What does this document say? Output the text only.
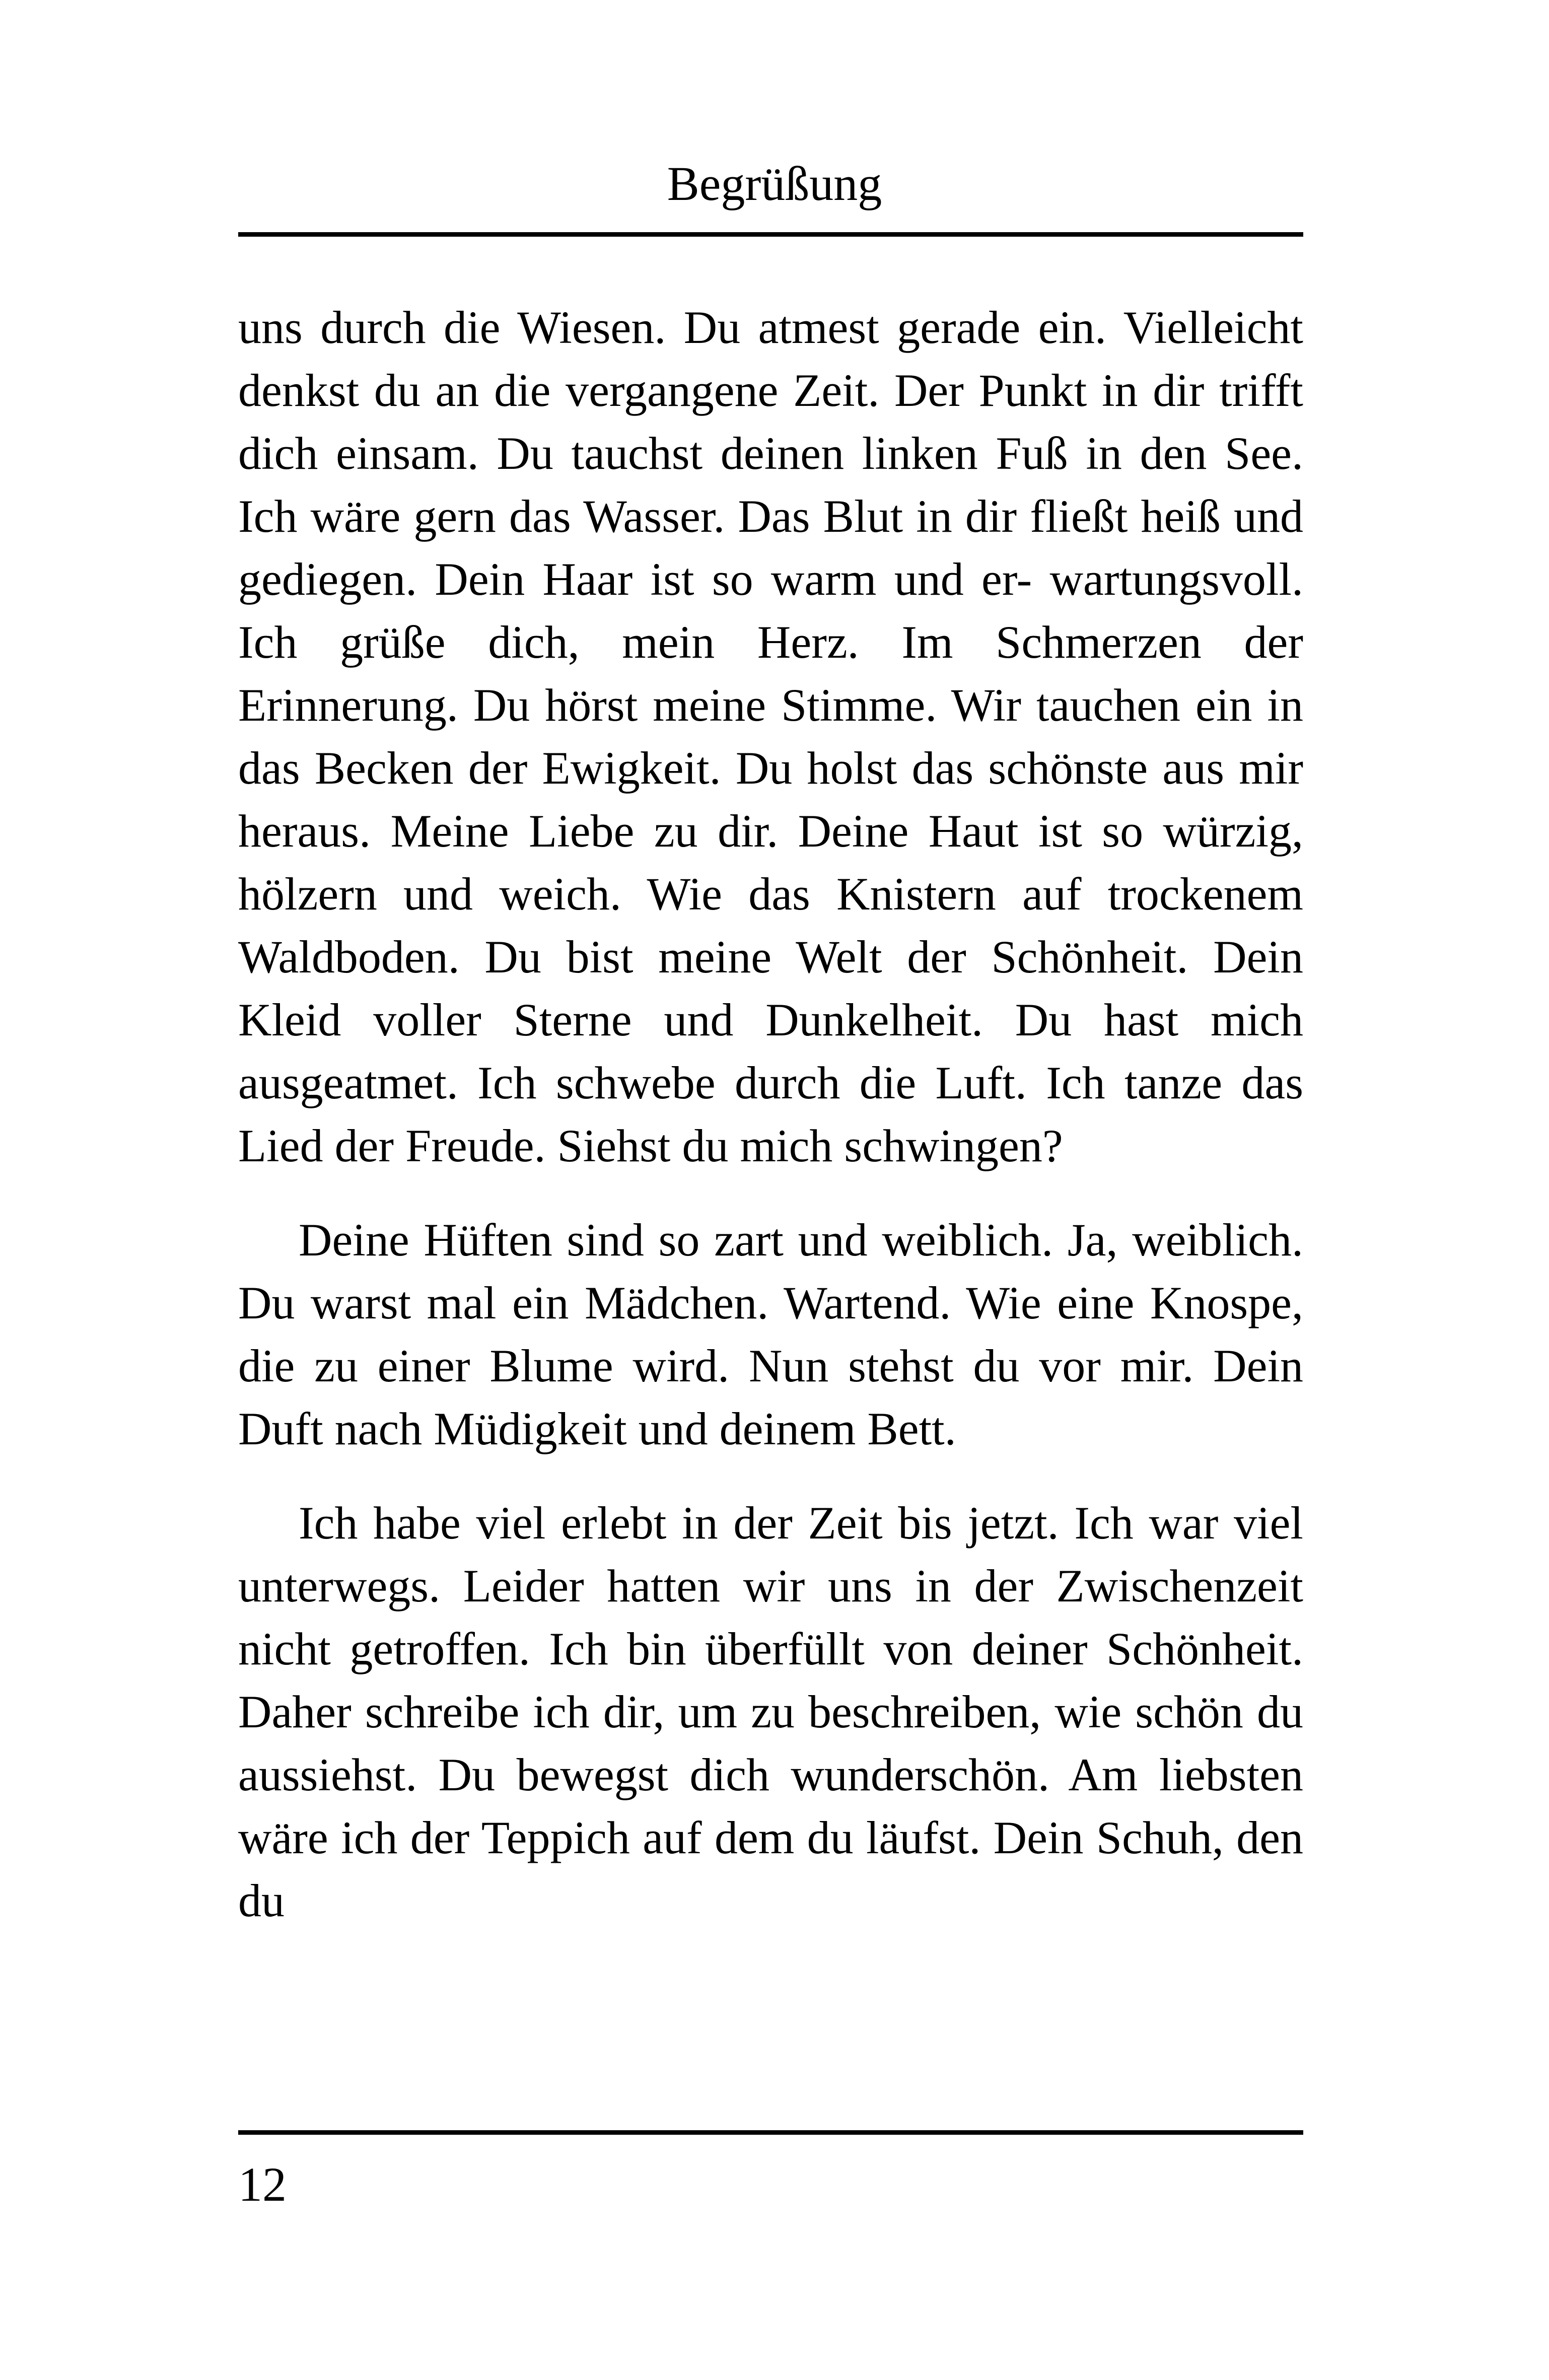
Begrüßung

uns durch die Wiesen. Du atmest gerade ein. Vielleicht denkst du an die vergangene Zeit. Der Punkt in dir trifft dich einsam. Du tauchst deinen linken Fuß in den See. Ich wäre gern das Wasser. Das Blut in dir fließt heiß und gediegen. Dein Haar ist so warm und er- wartungsvoll. Ich grüße dich, mein Herz. Im Schmerzen der Erinnerung. Du hörst meine Stimme. Wir tauchen ein in das Becken der Ewigkeit. Du holst das schönste aus mir heraus. Meine Liebe zu dir. Deine Haut ist so würzig, hölzern und weich. Wie das Knistern auf trockenem Waldboden. Du bist meine Welt der Schönheit. Dein Kleid voller Sterne und Dunkelheit. Du hast mich ausgeatmet. Ich schwebe durch die Luft. Ich tanze das Lied der Freude. Siehst du mich schwingen?

Deine Hüften sind so zart und weiblich. Ja, weiblich. Du warst mal ein Mädchen. Wartend. Wie eine Knospe, die zu einer Blume wird. Nun stehst du vor mir. Dein Duft nach Müdigkeit und deinem Bett.

Ich habe viel erlebt in der Zeit bis jetzt. Ich war viel unterwegs. Leider hatten wir uns in der Zwischenzeit nicht getroffen. Ich bin überfüllt von deiner Schönheit. Daher schreibe ich dir, um zu beschreiben, wie schön du aussiehst. Du bewegst dich wunderschön. Am liebsten wäre ich der Teppich auf dem du läufst. Dein Schuh, den du

12
